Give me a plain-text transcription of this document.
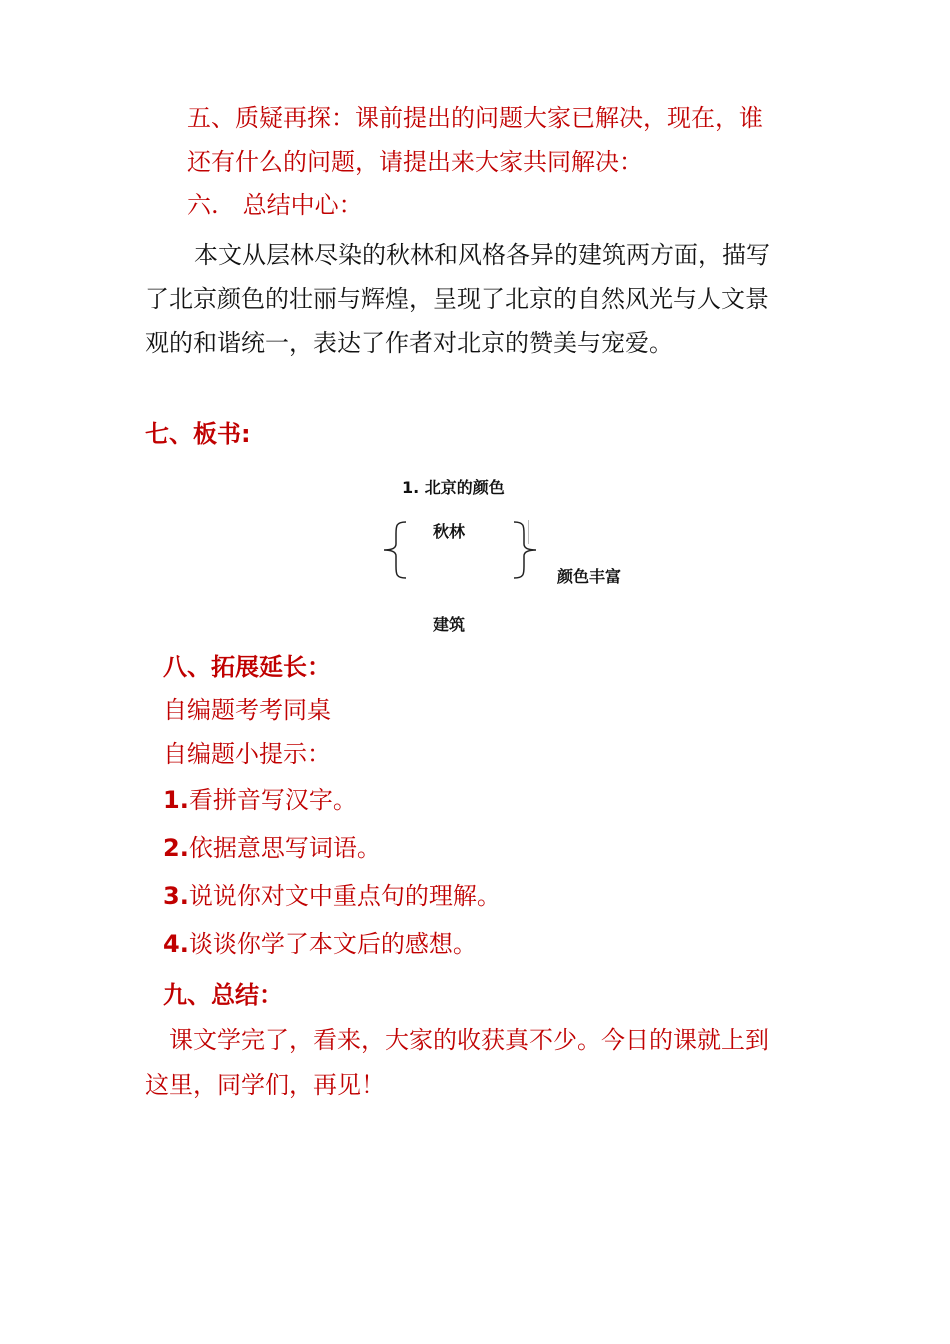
五、质疑再探：课前提出的问题大家已解决，现在，谁
还有什么的问题，请提出来大家共同解决：
六.　总结中心：
本文从层林尽染的秋林和风格各异的建筑两方面，描写
了北京颜色的壮丽与辉煌，呈现了北京的自然风光与人文景
观的和谐统一，表达了作者对北京的赞美与宠爱。
七、板书:
1. 北京的颜色
秋林
颜色丰富
建筑
八、拓展延长：
自编题考考同桌
自编题小提示：
1.看拼音写汉字。
2.依据意思写词语。
3.说说你对文中重点句的理解。
4.谈谈你学了本文后的感想。
九、总结：
课文学完了，看来，大家的收获真不少。今日的课就上到
这里，同学们，再见！
